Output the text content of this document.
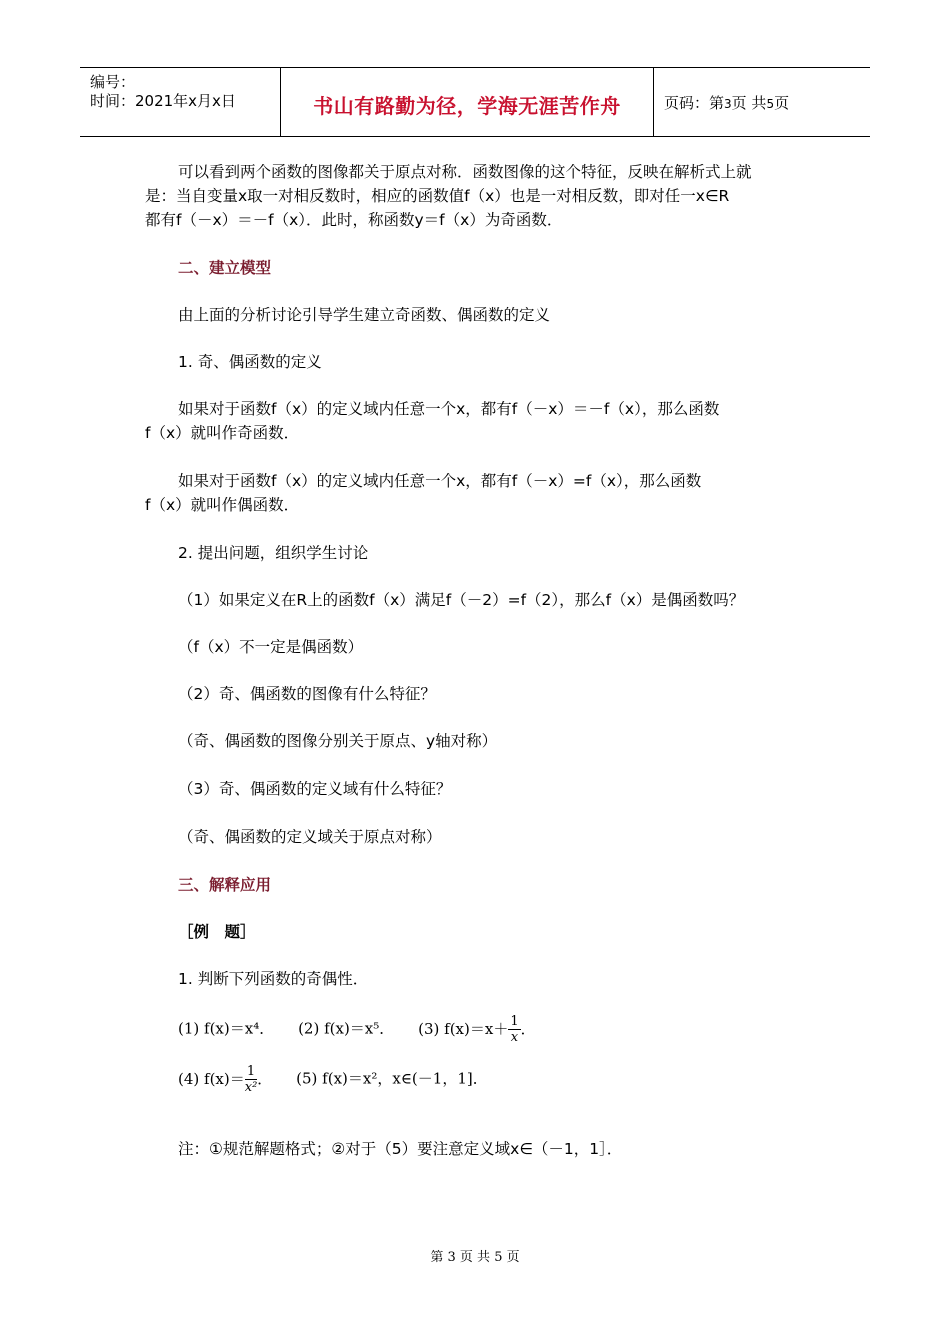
编号：
时间：2021年x月x日	书山有路勤为径，学海无涯苦作舟	页码：第3页 共5页
可以看到两个函数的图像都关于原点对称．函数图像的这个特征，反映在解析式上就
是：当自变量x取一对相反数时，相应的函数值f（x）也是一对相反数，即对任一x∈R
都有f（－x）＝－f（x）．此时，称函数y＝f（x）为奇函数．
二、建立模型
由上面的分析讨论引导学生建立奇函数、偶函数的定义
1. 奇、偶函数的定义
如果对于函数f（x）的定义域内任意一个x，都有f（－x）＝－f（x），那么函数
f（x）就叫作奇函数．
如果对于函数f（x）的定义域内任意一个x，都有f（－x）=f（x），那么函数
f（x）就叫作偶函数．
2. 提出问题，组织学生讨论
（1）如果定义在R上的函数f（x）满足f（－2）=f（2），那么f（x）是偶函数吗？
（f（x）不一定是偶函数）
（2）奇、偶函数的图像有什么特征？
（奇、偶函数的图像分别关于原点、y轴对称）
（3）奇、偶函数的定义域有什么特征？
（奇、偶函数的定义域关于原点对称）
三、解释应用
［例　题］
1. 判断下列函数的奇偶性．
(1) f(x)＝x⁴． (2) f(x)＝x⁵． (3) $f(x)=x+ \frac{1}{x}$ ．
(4) $f(x)= \frac{1}{\text{x²}}$ ． (5) f(x)＝x²，x∈(－1，1]．
注：①规范解题格式；②对于（5）要注意定义域x∈（－1，1］．
第 3 页 共 5 页
